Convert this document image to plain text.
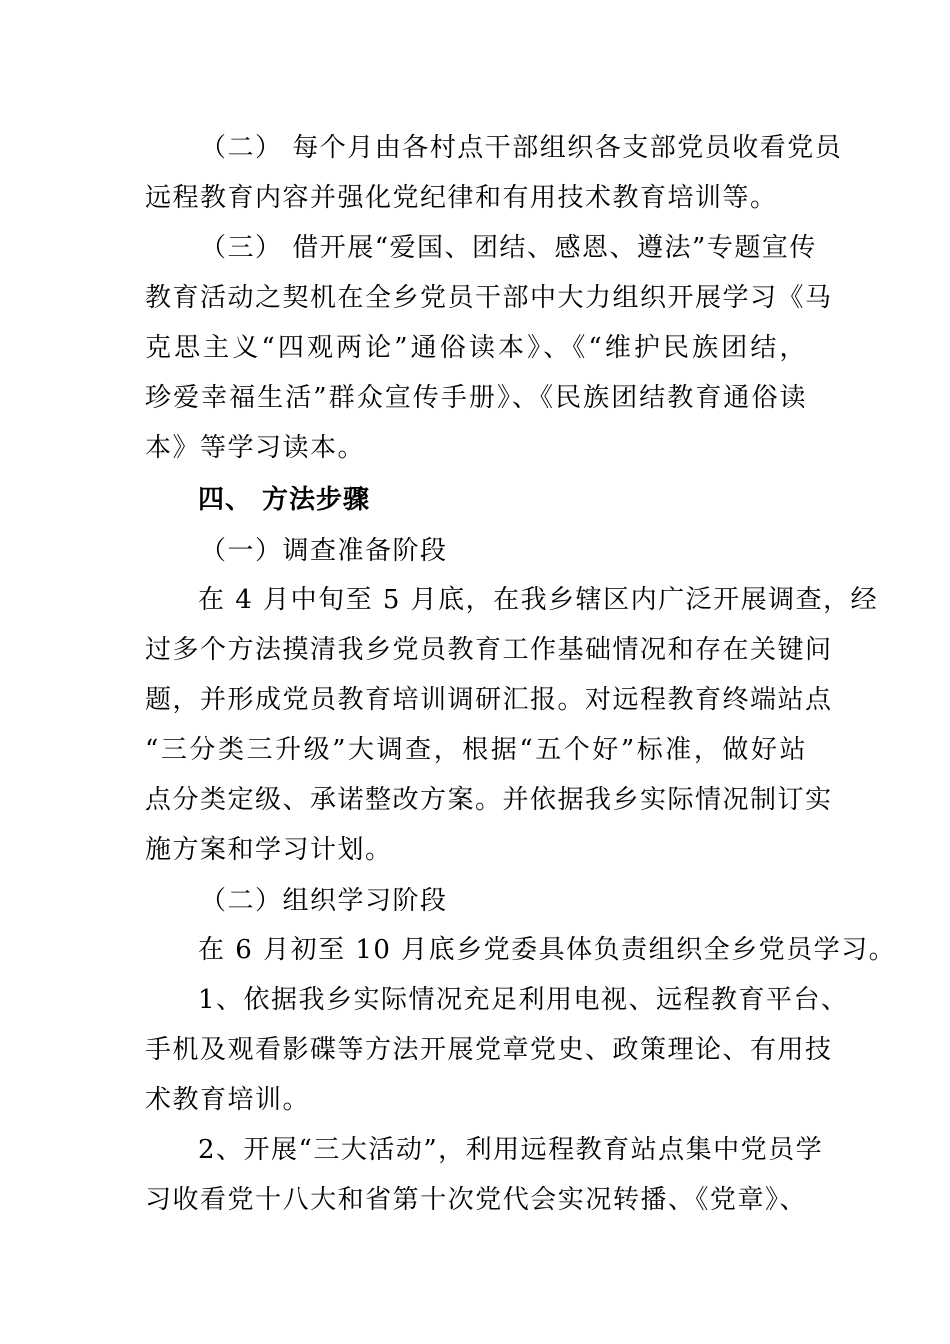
（二） 每个月由各村点干部组织各支部党员收看党员
远程教育内容并强化党纪律和有用技术教育培训等。
（三） 借开展“爱国、团结、感恩、遵法”专题宣传
教育活动之契机在全乡党员干部中大力组织开展学习《马
克思主义“四观两论”通俗读本》、《“维护民族团结，
珍爱幸福生活”群众宣传手册》、《民族团结教育通俗读
本》等学习读本。
四、 方法步骤
（一）调查准备阶段
在 4 月中旬至 5 月底，在我乡辖区内广泛开展调查，经
过多个方法摸清我乡党员教育工作基础情况和存在关键问
题，并形成党员教育培训调研汇报。对远程教育终端站点
“三分类三升级”大调查，根据“五个好”标准，做好站
点分类定级、承诺整改方案。并依据我乡实际情况制订实
施方案和学习计划。
（二）组织学习阶段
在 6 月初至 10 月底乡党委具体负责组织全乡党员学习。
1、依据我乡实际情况充足利用电视、远程教育平台、
手机及观看影碟等方法开展党章党史、政策理论、有用技
术教育培训。
2、开展“三大活动”，利用远程教育站点集中党员学
习收看党十八大和省第十次党代会实况转播、《党章》、
